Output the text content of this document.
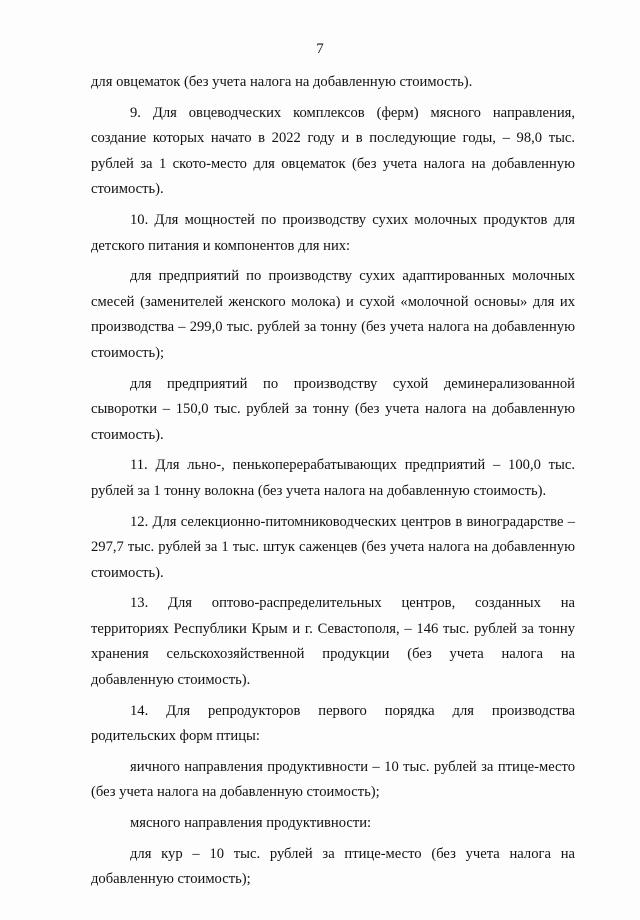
7

для овцематок (без учета налога на добавленную стоимость).

9. Для овцеводческих комплексов (ферм) мясного направления, создание которых начато в 2022 году и в последующие годы, – 98,0 тыс. рублей за 1 ското-место для овцематок (без учета налога на добавленную стоимость).

10. Для мощностей по производству сухих молочных продуктов для детского питания и компонентов для них:

для предприятий по производству сухих адаптированных молочных смесей (заменителей женского молока) и сухой «молочной основы» для их производства – 299,0 тыс. рублей за тонну (без учета налога на добавленную стоимость);

для предприятий по производству сухой деминерализованной сыворотки – 150,0 тыс. рублей за тонну (без учета налога на добавленную стоимость).

11. Для льно-, пенькоперерабатывающих предприятий – 100,0 тыс. рублей за 1 тонну волокна (без учета налога на добавленную стоимость).

12. Для селекционно-питомниководческих центров в виноградарстве – 297,7 тыс. рублей за 1 тыс. штук саженцев (без учета налога на добавленную стоимость).

13. Для оптово-распределительных центров, созданных на территориях Республики Крым и г. Севастополя, – 146 тыс. рублей за тонну хранения сельскохозяйственной продукции (без учета налога на добавленную стоимость).

14. Для репродукторов первого порядка для производства родительских форм птицы:

яичного направления продуктивности – 10 тыс. рублей за птице-место (без учета налога на добавленную стоимость);

мясного направления продуктивности:

для кур – 10 тыс. рублей за птице-место (без учета налога на добавленную стоимость);
